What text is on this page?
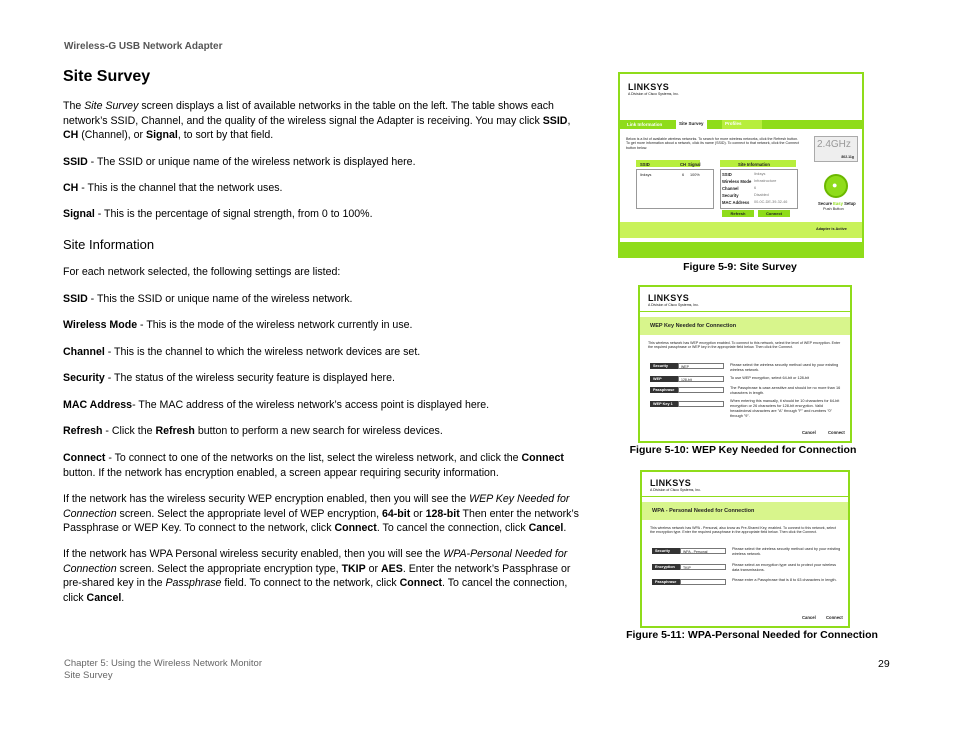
Wireless-G USB Network Adapter
Site Survey

The Site Survey screen displays a list of available networks in the table on the left. The table shows each network’s SSID, Channel, and the quality of the wireless signal the Adapter is receiving. You may click SSID, CH (Channel), or Signal, to sort by that field.

SSID - The SSID or unique name of the wireless network is displayed here.

CH - This is the channel that the network uses.

Signal - This is the percentage of signal strength, from 0 to 100%.

Site Information
For each network selected, the following settings are listed:

SSID - This the SSID or unique name of the wireless network.

Wireless Mode - This is the mode of the wireless network currently in use.

Channel - This is the channel to which the wireless network devices are set.

Security - The status of the wireless security feature is displayed here.

MAC Address- The MAC address of the wireless network’s access point is displayed here.

Refresh - Click the Refresh button to perform a new search for wireless devices.

Connect - To connect to one of the networks on the list, select the wireless network, and click the Connect button. If the network has encryption enabled, a screen appear requiring security information.

If the network has the wireless security WEP encryption enabled, then you will see the WEP Key Needed for Connection screen. Select the appropriate level of WEP encryption, 64-bit or 128-bit Then enter the network’s Passphrase or WEP Key. To connect to the network, click Connect. To cancel the connection, click Cancel.

If the network has WPA Personal wireless security enabled, then you will see the WPA-Personal Needed for Connection screen. Select the appropriate encryption type, TKIP or AES. Enter the network’s Passphrase or pre-shared key in the Passphrase field. To connect to the network, click Connect. To cancel the connection, click Cancel.

LINKSYS
A Division of Cisco Systems, Inc.
Link Information	Site Survey	Profiles
Below is a list of available wireless networks. To search for more wireless networks, click the Refresh button. To get more information about a network, click its name (SSID). To connect to that network, click the Connect button below.
SSID	CH Signal
linksys	6 100%
Site Information
SSID	linksys
Wireless Mode Infrastructure
Channel	6
Security	Disabled
MAC Address 00-0C-DE-39-32-46
Refresh	Connect
2.4GHz
802.11g
●
Secure Easy Setup
Push Button
Adapter is Active
Figure 5-9: Site Survey
LINKSYS
A Division of Cisco Systems, Inc.
WEP Key Needed for Connection
This wireless network has WEP encryption enabled. To connect to this network, select the level of WEP encryption. Enter the required passphrase or WEP key in the appropriate field below. Then click the Connect.
Security	WEP	Please select the wireless security method used by your existing wireless network.
WEP	128-bit	To use WEP encryption, select 64-bit or 128-bit
Passphrase	The Passphrase is case-sensitive and should be no more than 16 characters in length.
WEP Key 1
When entering this manually, it should be 10 characters for 64-bit encryption or 26 characters for 128-bit encryption. Valid hexadecimal characters are "A" through "F" and numbers "0" through "9".
Cancel	Connect
Figure 5-10: WEP Key Needed for Connection
LINKSYS
A Division of Cisco Systems, Inc.
WPA - Personal Needed for Connection
This wireless network has WPA - Personal, also know as Pre-Shared Key, enabled. To connect to this network, select the encryption type. Enter the required passphrase in the appropriate field below. Then click the Connect.
Security	WPA - Personal
Please select the wireless security method used by your existing wireless network.
Encryption	TKIP
Please select an encryption type used to protect your wireless data transmissions.
Passphrase	Please enter a Passphrase that is 8 to 63 characters in length.
Cancel Connect
Figure 5-11: WPA-Personal Needed for Connection
Chapter 5: Using the Wireless Network Monitor
Site Survey
29
